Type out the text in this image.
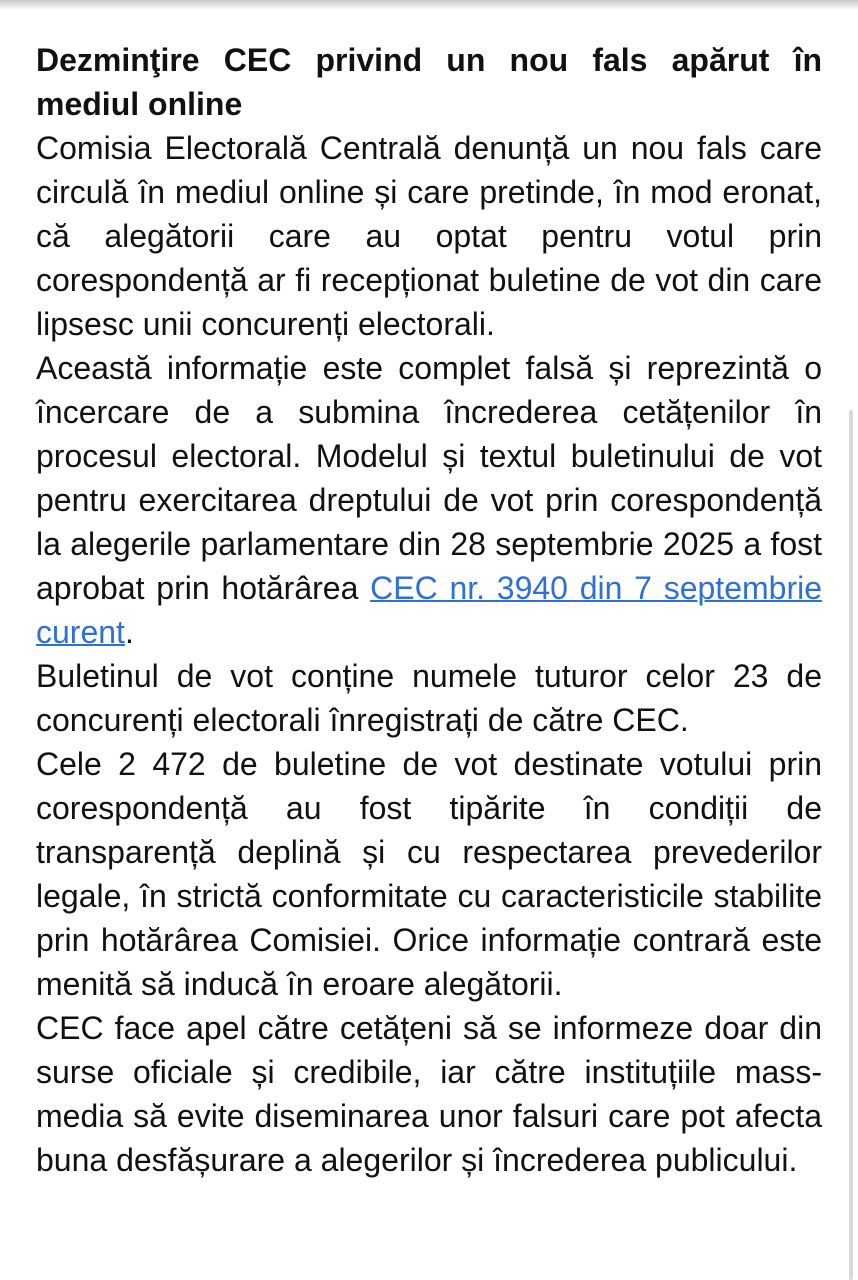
Dezminţire CEC privind un nou fals apărut în mediul online

Comisia Electorală Centrală denunță un nou fals care circulă în mediul online și care pretinde, în mod eronat, că alegătorii care au optat pentru votul prin corespondență ar fi recepționat buletine de vot din care lipsesc unii concurenți electorali.

Această informație este complet falsă și reprezintă o încercare de a submina încrederea cetățenilor în procesul electoral. Modelul și textul buletinului de vot pentru exercitarea dreptului de vot prin corespondență la alegerile parlamentare din 28 septembrie 2025 a fost aprobat prin hotărârea CEC nr. 3940 din 7 septembrie curent.

Buletinul de vot conține numele tuturor celor 23 de concurenți electorali înregistrați de către CEC.

Cele 2 472 de buletine de vot destinate votului prin corespondență au fost tipărite în condiții de transparență deplină și cu respectarea prevederilor legale, în strictă conformitate cu caracteristicile stabilite prin hotărârea Comisiei. Orice informație contrară este menită să inducă în eroare alegătorii.

CEC face apel către cetățeni să se informeze doar din surse oficiale și credibile, iar către instituțiile mass-media să evite diseminarea unor falsuri care pot afecta buna desfășurare a alegerilor și încrederea publicului.
